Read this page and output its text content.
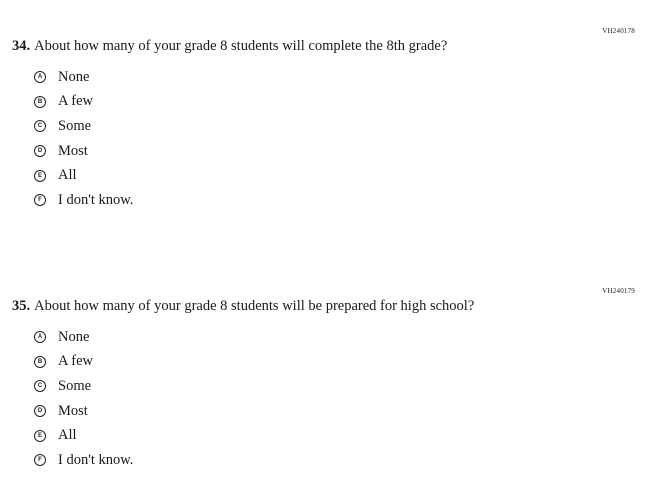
VH240178
34. About how many of your grade 8 students will complete the 8th grade?
A None
B A few
C Some
D Most
E All
F I don't know.
VH240179
35. About how many of your grade 8 students will be prepared for high school?
A None
B A few
C Some
D Most
E All
F I don't know.
